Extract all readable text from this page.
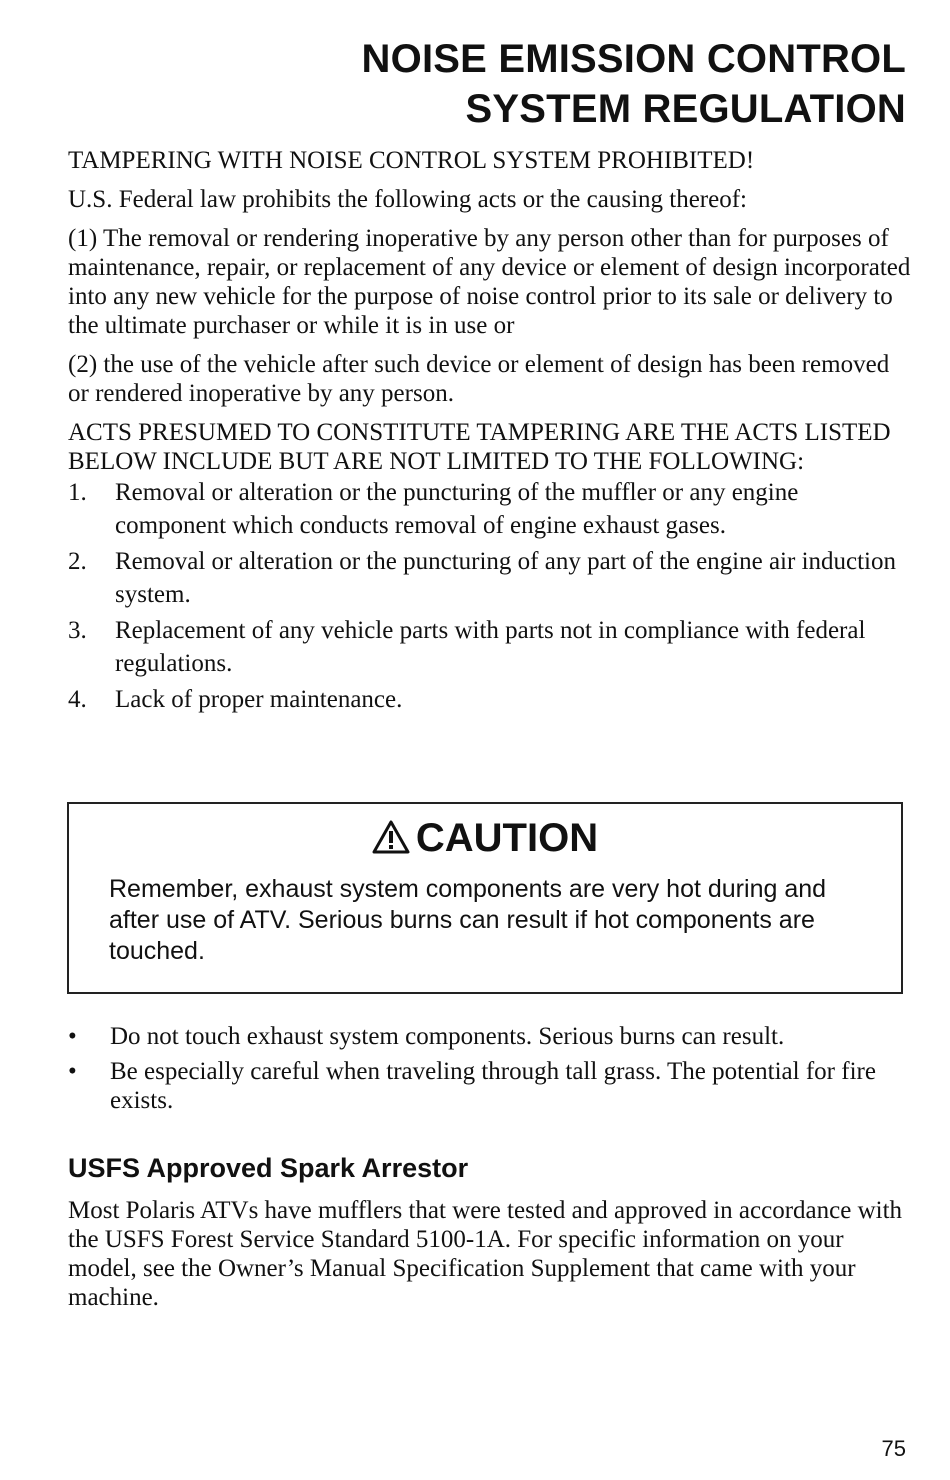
NOISE EMISSION CONTROL
SYSTEM REGULATION

TAMPERING WITH NOISE CONTROL SYSTEM PROHIBITED!

U.S. Federal law prohibits the following acts or the causing thereof:

(1) The removal or rendering inoperative by any person other than for purposes of maintenance, repair, or replacement of any device or element of design incorporated into any new vehicle for the purpose of noise control prior to its sale or delivery to the ultimate purchaser or while it is in use or

(2) the use of the vehicle after such device or element of design has been removed or rendered inoperative by any person.

ACTS PRESUMED TO CONSTITUTE TAMPERING ARE THE ACTS LISTED BELOW INCLUDE BUT ARE NOT LIMITED TO THE FOLLOWING:

1.	Removal or alteration or the puncturing of the muffler or any engine component which conducts removal of engine exhaust gases.
2.	Removal or alteration or the puncturing of any part of the engine air induction system.
3.	Replacement of any vehicle parts with parts not in compliance with federal regulations.
4.	Lack of proper maintenance.
CAUTION
Remember, exhaust system components are very hot during and after use of ATV. Serious burns can result if hot components are touched.
•	Do not touch exhaust system components. Serious burns can result.
•	Be especially careful when traveling through tall grass. The potential for fire exists.
USFS Approved Spark Arrestor

Most Polaris ATVs have mufflers that were tested and approved in accordance with the USFS Forest Service Standard 5100-1A. For specific information on your model, see the Owner’s Manual Specification Supplement that came with your machine.

75
